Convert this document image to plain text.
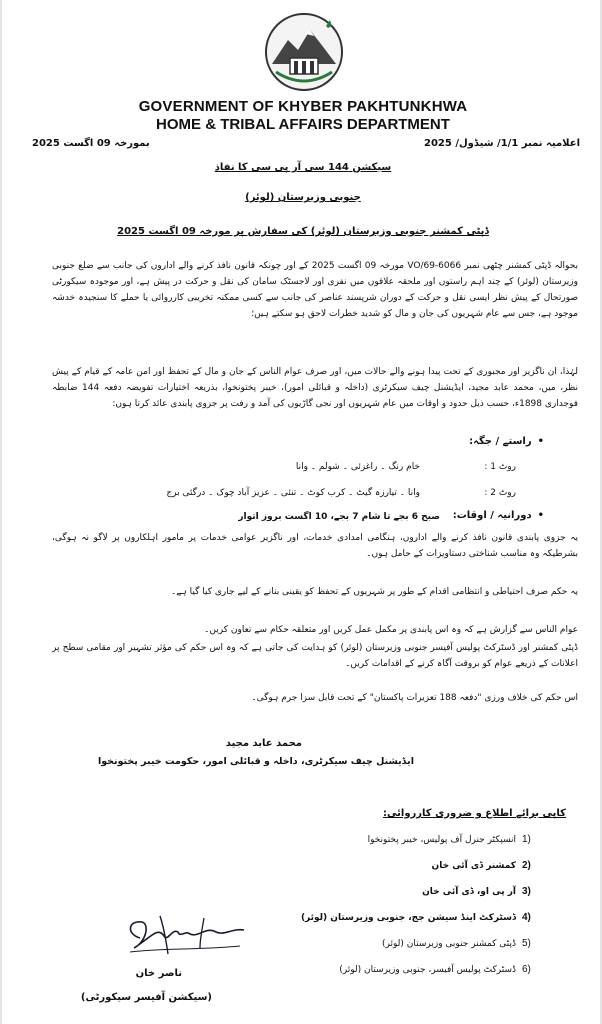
GOVERNMENT OF KHYBER PAKHTUNKHWA
HOME & TRIBAL AFFAIRS DEPARTMENT
اعلامیہ نمبر 1/1/ شیڈول/ 2025
بمورخہ 09 اگست 2025
سیکشن 144 سی آر پی سی کا نفاذ
جنوبی وزیرستان (لوئر)
ڈپٹی کمشنر جنوبی وزیرستان (لوئر) کی سفارش پر مورخہ 09 اگست 2025
بحوالہ ڈپٹی کمشنر چٹھی نمبر VO/69-6066 مورخہ 09 اگست 2025 کے اور چونکہ قانون نافذ کرنے والے اداروں کی جانب سے ضلع جنوبی وزیرستان (لوئر) کے چند اہم راستوں اور ملحقہ علاقوں میں نفری اور لاجسٹک سامان کی نقل و حرکت در پیش ہے، اور موجودہ سیکورٹی صورتحال کے پیش نظر ایسی نقل و حرکت کے دوران شرپسند عناصر کی جانب سے کسی ممکنہ تخریبی کارروائی یا حملے کا سنجیدہ خدشہ موجود ہے، جس سے عام شہریوں کی جان و مال کو شدید خطرات لاحق ہو سکتے ہیں؛
لہٰذا، ان ناگزیر اور مجبوری کے تحت پیدا ہونے والے حالات میں، اور صرف عوام الناس کے جان و مال کے تحفظ اور امن عامہ کے قیام کے پیش نظر، میں، محمد عابد مجید، ایڈیشنل چیف سیکرٹری (داخلہ و قبائلی امور)، خیبر پختونخوا، بذریعہ اختیارات تفویضہ دفعہ 144 ضابطہ فوجداری 1898ء، حسب ذیل حدود و اوقات میں عام شہریوں اور نجی گاڑیوں کی آمد و رفت پر جزوی پابندی عائد کرتا ہوں:
• راستے / جگہ:
روٹ 1 :
خام رنگ ۔ راغزئی ۔ شولم ۔ وانا
روٹ 2 :
وانا ۔ تیارزہ گیٹ ۔ کرب کوٹ ۔ تنئی ۔ عزیز آباد چوک ۔ درگئی برج
• دورانیہ / اوقات:
صبح 6 بجے تا شام 7 بجے، 10 اگست بروز اتوار
یہ جزوی پابندی قانون نافذ کرنے والے اداروں، ہنگامی امدادی خدمات، اور ناگزیر عوامی خدمات پر مامور اہلکاروں پر لاگو نہ ہوگی، بشرطیکہ وہ مناسب شناختی دستاویزات کے حامل ہوں۔
یہ حکم صرف احتیاطی و انتظامی اقدام کے طور پر شہریوں کے تحفظ کو یقینی بنانے کے لیے جاری کیا گیا ہے۔
عوام الناس سے گزارش ہے کہ وہ اس پابندی پر مکمل عمل کریں اور متعلقہ حکام سے تعاون کریں۔
ڈپٹی کمشنر اور ڈسٹرکٹ پولیس آفیسر جنوبی وزیرستان (لوئر) کو ہدایت کی جاتی ہے کہ وہ اس حکم کی مؤثر تشہیر اور مقامی سطح پر اعلانات کے ذریعے عوام کو بروقت آگاہ کرنے کے اقدامات کریں۔
اس حکم کی خلاف ورزی "دفعہ 188 تعزیرات پاکستان" کے تحت قابل سزا جرم ہوگی۔
محمد عابد مجید
ایڈیشنل چیف سیکرٹری، داخلہ و قبائلی امور، حکومت خیبر پختونخوا
کاپی برائے اطلاع و ضروری کارروائی:
1)
انسپکٹر جنرل آف پولیس، خیبر پختونخوا
2)
کمشنر ڈی آئی خان
3)
آر پی او، ڈی آئی خان
4)
ڈسٹرکٹ اینڈ سیشن جج، جنوبی وزیرستان (لوئر)
5)
ڈپٹی کمشنر جنوبی وزیرستان (لوئر)
6)
ڈسٹرکٹ پولیس آفیسر، جنوبی وزیرستان (لوئر)
ناصر خان
(سیکشن آفیسر سیکورٹی)
